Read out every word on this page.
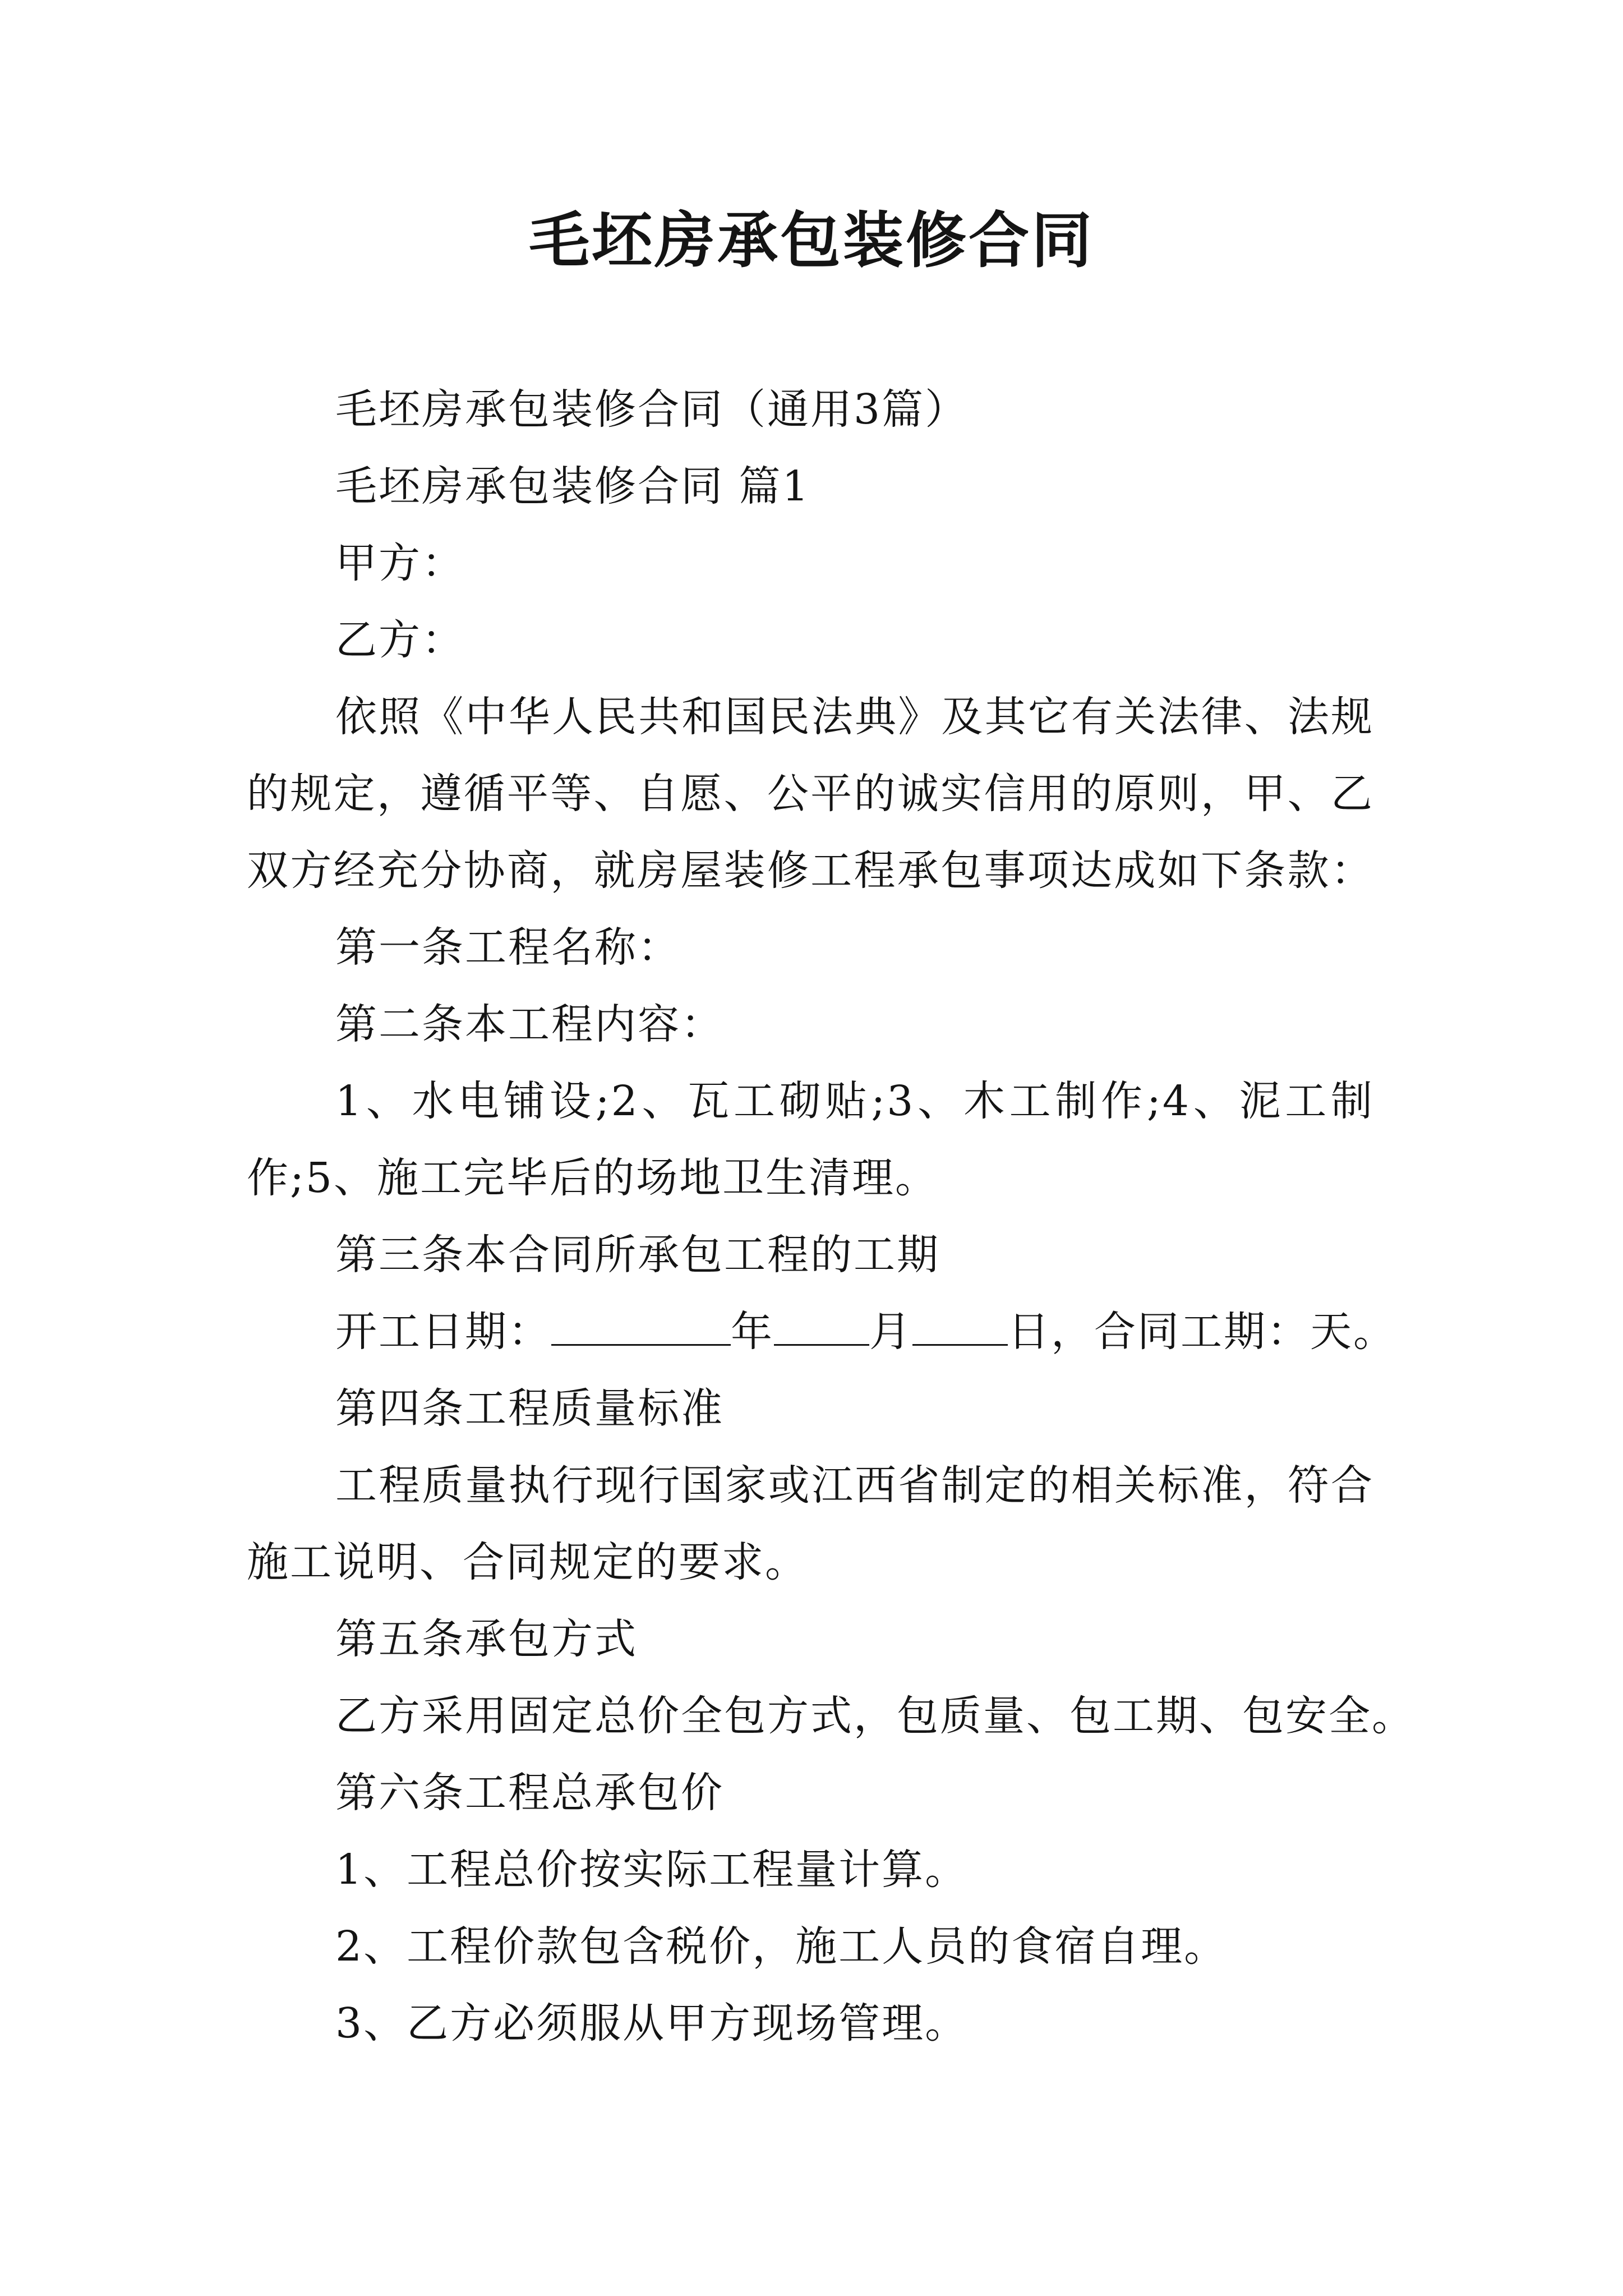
毛坯房承包装修合同
毛坯房承包装修合同（通用3篇）
毛坯房承包装修合同 篇1
甲方：
乙方：
依照《中华人民共和国民法典》及其它有关法律、法规
的规定，遵循平等、自愿、公平的诚实信用的原则，甲、乙
双方经充分协商，就房屋装修工程承包事项达成如下条款：
第一条工程名称：
第二条本工程内容：
1、水电铺设;2、瓦工砌贴;3、木工制作;4、泥工制
作;5、施工完毕后的场地卫生清理。
第三条本合同所承包工程的工期
开工日期：	年 月 日，合同工期：天。
第四条工程质量标准
工程质量执行现行国家或江西省制定的相关标准，符合
施工说明、合同规定的要求。
第五条承包方式
乙方采用固定总价全包方式，包质量、包工期、包安全。
第六条工程总承包价
1、工程总价按实际工程量计算。
2、工程价款包含税价，施工人员的食宿自理。
3、乙方必须服从甲方现场管理。
